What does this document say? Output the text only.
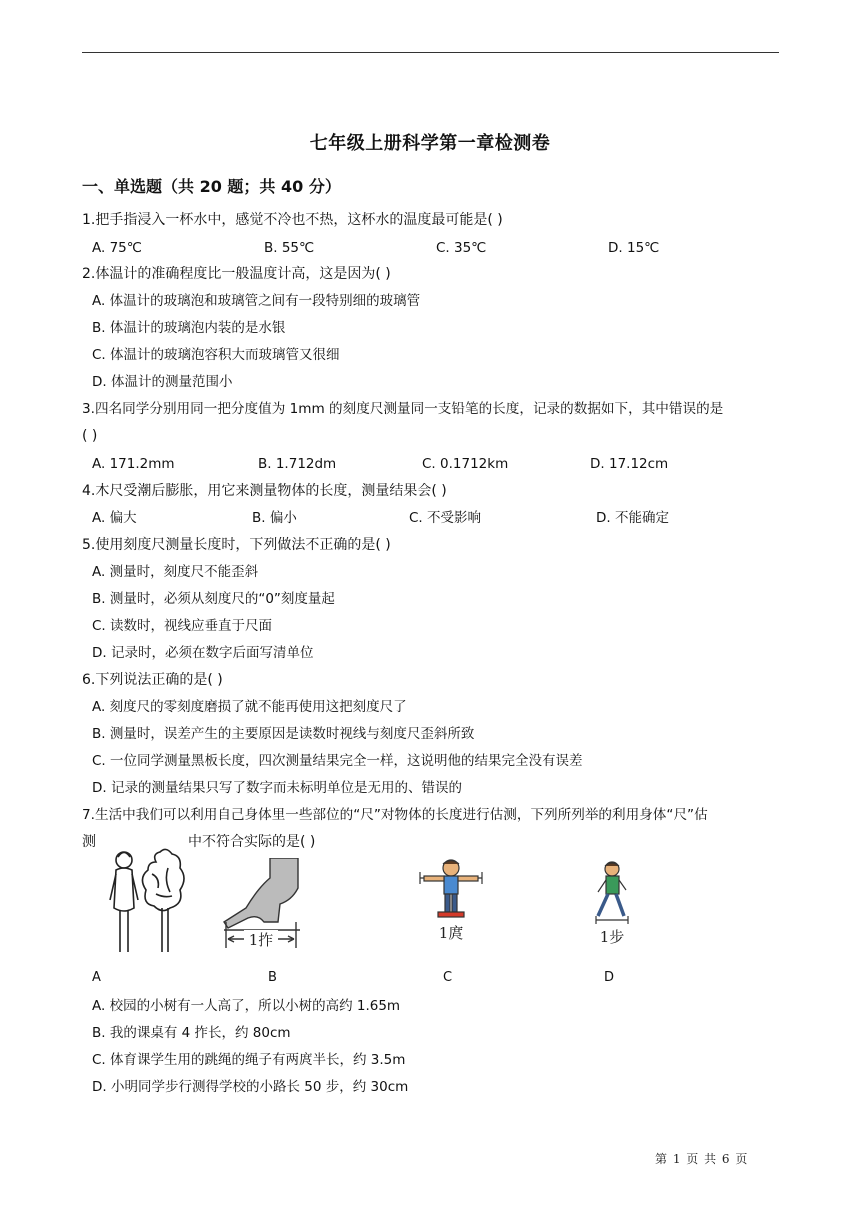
七年级上册科学第一章检测卷
一、单选题（共 20 题；共 40 分）
1.把手指浸入一杯水中，感觉不冷也不热，这杯水的温度最可能是( )
A. 75℃	B. 55℃	C. 35℃	D. 15℃
2.体温计的准确程度比一般温度计高，这是因为( )
A. 体温计的玻璃泡和玻璃管之间有一段特别细的玻璃管
B. 体温计的玻璃泡内装的是水银
C. 体温计的玻璃泡容积大而玻璃管又很细
D. 体温计的测量范围小
3.四名同学分别用同一把分度值为 1mm 的刻度尺测量同一支铅笔的长度，记录的数据如下，其中错误的是
( )
A. 171.2mm	B. 1.712dm	C. 0.1712km	D. 17.12cm
4.木尺受潮后膨胀，用它来测量物体的长度，测量结果会( )
A. 偏大	B. 偏小	C. 不受影响	D. 不能确定
5.使用刻度尺测量长度时，下列做法不正确的是( )
A. 测量时，刻度尺不能歪斜
B. 测量时，必须从刻度尺的“0”刻度量起
C. 读数时，视线应垂直于尺面
D. 记录时，必须在数字后面写清单位
6.下列说法正确的是( )
A. 刻度尺的零刻度磨损了就不能再使用这把刻度尺了
B. 测量时，误差产生的主要原因是读数时视线与刻度尺歪斜所致
C. 一位同学测量黑板长度，四次测量结果完全一样，这说明他的结果完全没有误差
D. 记录的测量结果只写了数字而未标明单位是无用的、错误的
7.生活中我们可以利用自己身体里一些部位的“尺”对物体的长度进行估测，下列所列举的利用身体“尺”估
测	中不符合实际的是( )
1拃	1庹	1步
A	B	C	D
A. 校园的小树有一人高了，所以小树的高约 1.65m
B. 我的课桌有 4 拃长，约 80cm
C. 体育课学生用的跳绳的绳子有两庹半长，约 3.5m
D. 小明同学步行测得学校的小路长 50 步，约 30cm
第 1 页 共 6 页
